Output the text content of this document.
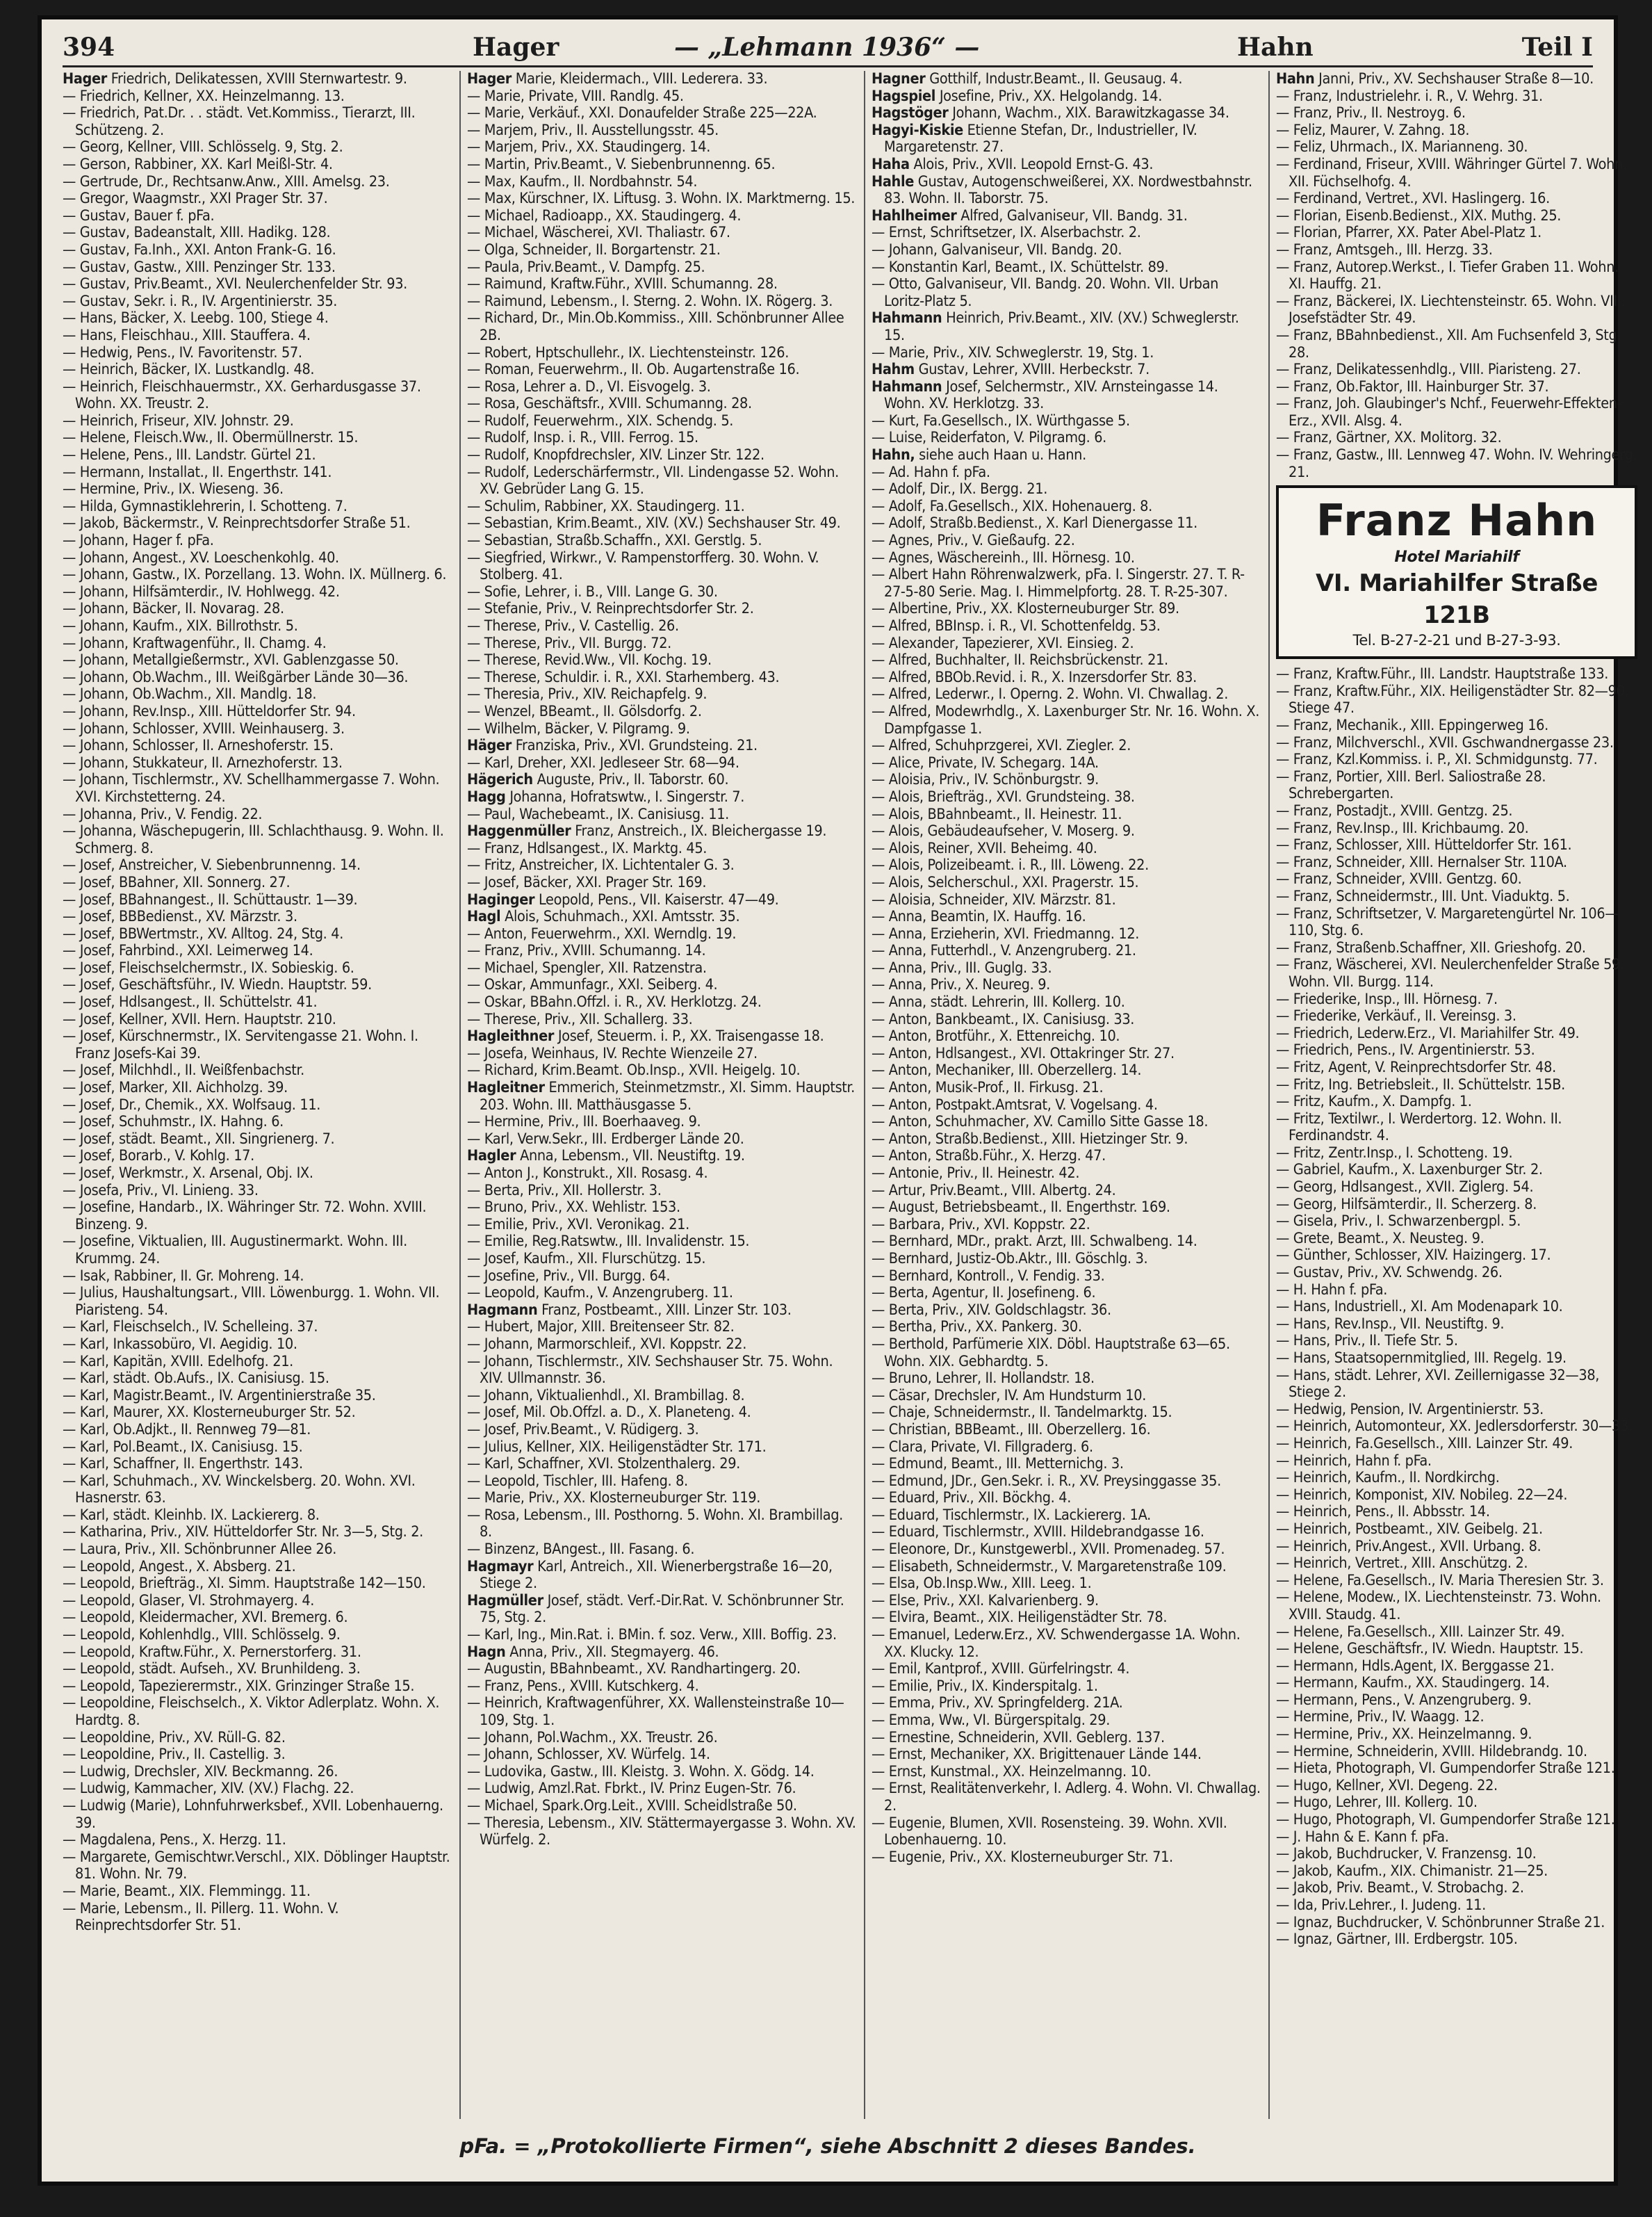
394	Hager	— „Lehmann 1936“ —	Hahn	Teil I

Hager Friedrich, Delikatessen, XVIII Sternwartestr. 9.

— Friedrich, Kellner, XX. Heinzelmanng. 13.

— Friedrich, Pat.Dr. . . städt. Vet.Kommiss., Tierarzt, III. Schützeng. 2.

— Georg, Kellner, VIII. Schlösselg. 9, Stg. 2.

— Gerson, Rabbiner, XX. Karl Meißl-Str. 4.

— Gertrude, Dr., Rechtsanw.Anw., XIII. Amelsg. 23.

— Gregor, Waagmstr., XXI Prager Str. 37.

— Gustav, Bauer f. pFa.

— Gustav, Badeanstalt, XIII. Hadikg. 128.

— Gustav, Fa.Inh., XXI. Anton Frank-G. 16.

— Gustav, Gastw., XIII. Penzinger Str. 133.

— Gustav, Priv.Beamt., XVI. Neulerchenfelder Str. 93.

— Gustav, Sekr. i. R., IV. Argentinierstr. 35.

— Hans, Bäcker, X. Leebg. 100, Stiege 4.

— Hans, Fleischhau., XIII. Stauffera. 4.

— Hedwig, Pens., IV. Favoritenstr. 57.

— Heinrich, Bäcker, IX. Lustkandlg. 48.

— Heinrich, Fleischhauermstr., XX. Gerhardusgasse 37. Wohn. XX. Treustr. 2.

— Heinrich, Friseur, XIV. Johnstr. 29.

— Helene, Fleisch.Ww., II. Obermüllnerstr. 15.

— Helene, Pens., III. Landstr. Gürtel 21.

— Hermann, Installat., II. Engerthstr. 141.

— Hermine, Priv., IX. Wieseng. 36.

— Hilda, Gymnastiklehrerin, I. Schotteng. 7.

— Jakob, Bäckermstr., V. Reinprechtsdorfer Straße 51.

— Johann, Hager f. pFa.

— Johann, Angest., XV. Loeschenkohlg. 40.

— Johann, Gastw., IX. Porzellang. 13. Wohn. IX. Müllnerg. 6.

— Johann, Hilfsämterdir., IV. Hohlwegg. 42.

— Johann, Bäcker, II. Novarag. 28.

— Johann, Kaufm., XIX. Billrothstr. 5.

— Johann, Kraftwagenführ., II. Chamg. 4.

— Johann, Metallgießermstr., XVI. Gablenzgasse 50.

— Johann, Ob.Wachm., III. Weißgärber Lände 30—36.

— Johann, Ob.Wachm., XII. Mandlg. 18.

— Johann, Rev.Insp., XIII. Hütteldorfer Str. 94.

— Johann, Schlosser, XVIII. Weinhauserg. 3.

— Johann, Schlosser, II. Arneshoferstr. 15.

— Johann, Stukkateur, II. Arnezhoferstr. 13.

— Johann, Tischlermstr., XV. Schellhammergasse 7. Wohn. XVI. Kirchstetterng. 24.

— Johanna, Priv., V. Fendig. 22.

— Johanna, Wäschepugerin, III. Schlachthausg. 9. Wohn. II. Schmerg. 8.

— Josef, Anstreicher, V. Siebenbrunnenng. 14.

— Josef, BBahner, XII. Sonnerg. 27.

— Josef, BBahnangest., II. Schüttaustr. 1—39.

— Josef, BBBedienst., XV. Märzstr. 3.

— Josef, BBWertmstr., XV. Alltog. 24, Stg. 4.

— Josef, Fahrbind., XXI. Leimerweg 14.

— Josef, Fleischselchermstr., IX. Sobieskig. 6.

— Josef, Geschäftsführ., IV. Wiedn. Hauptstr. 59.

— Josef, Hdlsangest., II. Schüttelstr. 41.

— Josef, Kellner, XVII. Hern. Hauptstr. 210.

— Josef, Kürschnermstr., IX. Servitengasse 21. Wohn. I. Franz Josefs-Kai 39.

— Josef, Milchhdl., II. Weißfenbachstr.

— Josef, Marker, XII. Aichholzg. 39.

— Josef, Dr., Chemik., XX. Wolfsaug. 11.

— Josef, Schuhmstr., IX. Hahng. 6.

— Josef, städt. Beamt., XII. Singrienerg. 7.

— Josef, Borarb., V. Kohlg. 17.

— Josef, Werkmstr., X. Arsenal, Obj. IX.

— Josefa, Priv., VI. Linieng. 33.

— Josefine, Handarb., IX. Währinger Str. 72. Wohn. XVIII. Binzeng. 9.

— Josefine, Viktualien, III. Augustinermarkt. Wohn. III. Krummg. 24.

— Isak, Rabbiner, II. Gr. Mohreng. 14.

— Julius, Haushaltungsart., VIII. Löwenburgg. 1. Wohn. VII. Piaristeng. 54.

— Karl, Fleischselch., IV. Schelleing. 37.

— Karl, Inkassobüro, VI. Aegidig. 10.

— Karl, Kapitän, XVIII. Edelhofg. 21.

— Karl, städt. Ob.Aufs., IX. Canisiusg. 15.

— Karl, Magistr.Beamt., IV. Argentinierstraße 35.

— Karl, Maurer, XX. Klosterneuburger Str. 52.

— Karl, Ob.Adjkt., II. Rennweg 79—81.

— Karl, Pol.Beamt., IX. Canisiusg. 15.

— Karl, Schaffner, II. Engerthstr. 143.

— Karl, Schuhmach., XV. Winckelsberg. 20. Wohn. XVI. Hasnerstr. 63.

— Karl, städt. Kleinhb. IX. Lackiererg. 8.

— Katharina, Priv., XIV. Hütteldorfer Str. Nr. 3—5, Stg. 2.

— Laura, Priv., XII. Schönbrunner Allee 26.

— Leopold, Angest., X. Absberg. 21.

— Leopold, Briefträg., XI. Simm. Hauptstraße 142—150.

— Leopold, Glaser, VI. Strohmayerg. 4.

— Leopold, Kleidermacher, XVI. Bremerg. 6.

— Leopold, Kohlenhdlg., VIII. Schlösselg. 9.

— Leopold, Kraftw.Führ., X. Pernerstorferg. 31.

— Leopold, städt. Aufseh., XV. Brunhildeng. 3.

— Leopold, Tapezierermstr., XIX. Grinzinger Straße 15.

— Leopoldine, Fleischselch., X. Viktor Adlerplatz. Wohn. X. Hardtg. 8.

— Leopoldine, Priv., XV. Rüll-G. 82.

— Leopoldine, Priv., II. Castellig. 3.

— Ludwig, Drechsler, XIV. Beckmanng. 26.

— Ludwig, Kammacher, XIV. (XV.) Flachg. 22.

— Ludwig (Marie), Lohnfuhrwerksbef., XVII. Lobenhauerng. 39.

— Magdalena, Pens., X. Herzg. 11.

— Margarete, Gemischtwr.Verschl., XIX. Döblinger Hauptstr. 81. Wohn. Nr. 79.

— Marie, Beamt., XIX. Flemmingg. 11.

— Marie, Lebensm., II. Pillerg. 11. Wohn. V. Reinprechtsdorfer Str. 51.

Hager Marie, Kleidermach., VIII. Lederera. 33.

— Marie, Private, VIII. Randlg. 45.

— Marie, Verkäuf., XXI. Donaufelder Straße 225—22A.

— Marjem, Priv., II. Ausstellungsstr. 45.

— Marjem, Priv., XX. Staudingerg. 14.

— Martin, Priv.Beamt., V. Siebenbrunnenng. 65.

— Max, Kaufm., II. Nordbahnstr. 54.

— Max, Kürschner, IX. Liftusg. 3. Wohn. IX. Marktmerng. 15.

— Michael, Radioapp., XX. Staudingerg. 4.

— Michael, Wäscherei, XVI. Thaliastr. 67.

— Olga, Schneider, II. Borgartenstr. 21.

— Paula, Priv.Beamt., V. Dampfg. 25.

— Raimund, Kraftw.Führ., XVIII. Schumanng. 28.

— Raimund, Lebensm., I. Sterng. 2. Wohn. IX. Rögerg. 3.

— Richard, Dr., Min.Ob.Kommiss., XIII. Schönbrunner Allee 2B.

— Robert, Hptschullehr., IX. Liechtensteinstr. 126.

— Roman, Feuerwehrm., II. Ob. Augartenstraße 16.

— Rosa, Lehrer a. D., VI. Eisvogelg. 3.

— Rosa, Geschäftsfr., XVIII. Schumanng. 28.

— Rudolf, Feuerwehrm., XIX. Schendg. 5.

— Rudolf, Insp. i. R., VIII. Ferrog. 15.

— Rudolf, Knopfdrechsler, XIV. Linzer Str. 122.

— Rudolf, Lederschärfermstr., VII. Lindengasse 52. Wohn. XV. Gebrüder Lang G. 15.

— Schulim, Rabbiner, XX. Staudingerg. 11.

— Sebastian, Krim.Beamt., XIV. (XV.) Sechshauser Str. 49.

— Sebastian, Straßb.Schaffn., XXI. Gerstlg. 5.

— Siegfried, Wirkwr., V. Rampenstorfferg. 30. Wohn. V. Stolberg. 41.

— Sofie, Lehrer, i. B., VIII. Lange G. 30.

— Stefanie, Priv., V. Reinprechtsdorfer Str. 2.

— Therese, Priv., V. Castellig. 26.

— Therese, Priv., VII. Burgg. 72.

— Therese, Revid.Ww., VII. Kochg. 19.

— Therese, Schuldir. i. R., XXI. Starhemberg. 43.

— Theresia, Priv., XIV. Reichapfelg. 9.

— Wenzel, BBeamt., II. Gölsdorfg. 2.

— Wilhelm, Bäcker, V. Pilgramg. 9.

Häger Franziska, Priv., XVI. Grundsteing. 21.

— Karl, Dreher, XXI. Jedleseer Str. 68—94.

Hägerich Auguste, Priv., II. Taborstr. 60.

Hagg Johanna, Hofratswtw., I. Singerstr. 7.

— Paul, Wachebeamt., IX. Canisiusg. 11.

Haggenmüller Franz, Anstreich., IX. Bleichergasse 19.

— Franz, Hdlsangest., IX. Marktg. 45.

— Fritz, Anstreicher, IX. Lichtentaler G. 3.

— Josef, Bäcker, XXI. Prager Str. 169.

Haginger Leopold, Pens., VII. Kaiserstr. 47—49.

Hagl Alois, Schuhmach., XXI. Amtsstr. 35.

— Anton, Feuerwehrm., XXI. Werndlg. 19.

— Franz, Priv., XVIII. Schumanng. 14.

— Michael, Spengler, XII. Ratzenstra.

— Oskar, Ammunfagr., XXI. Seiberg. 4.

— Oskar, BBahn.Offzl. i. R., XV. Herklotzg. 24.

— Therese, Priv., XII. Schallerg. 33.

Hagleithner Josef, Steuerm. i. P., XX. Traisengasse 18.

— Josefa, Weinhaus, IV. Rechte Wienzeile 27.

— Richard, Krim.Beamt. Ob.Insp., XVII. Heigelg. 10.

Hagleitner Emmerich, Steinmetzmstr., XI. Simm. Hauptstr. 203. Wohn. III. Matthäusgasse 5.

— Hermine, Priv., III. Boerhaaveg. 9.

— Karl, Verw.Sekr., III. Erdberger Lände 20.

Hagler Anna, Lebensm., VII. Neustiftg. 19.

— Anton J., Konstrukt., XII. Rosasg. 4.

— Berta, Priv., XII. Hollerstr. 3.

— Bruno, Priv., XX. Wehlistr. 153.

— Emilie, Priv., XVI. Veronikag. 21.

— Emilie, Reg.Ratswtw., III. Invalidenstr. 15.

— Josef, Kaufm., XII. Flurschützg. 15.

— Josefine, Priv., VII. Burgg. 64.

— Leopold, Kaufm., V. Anzengruberg. 11.

Hagmann Franz, Postbeamt., XIII. Linzer Str. 103.

— Hubert, Major, XIII. Breitenseer Str. 82.

— Johann, Marmorschleif., XVI. Koppstr. 22.

— Johann, Tischlermstr., XIV. Sechshauser Str. 75. Wohn. XIV. Ullmannstr. 36.

— Johann, Viktualienhdl., XI. Brambillag. 8.

— Josef, Mil. Ob.Offzl. a. D., X. Planeteng. 4.

— Josef, Priv.Beamt., V. Rüdigerg. 3.

— Julius, Kellner, XIX. Heiligenstädter Str. 171.

— Karl, Schaffner, XVI. Stolzenthalerg. 29.

— Leopold, Tischler, III. Hafeng. 8.

— Marie, Priv., XX. Klosterneuburger Str. 119.

— Rosa, Lebensm., III. Posthorng. 5. Wohn. XI. Brambillag. 8.

— Binzenz, BAngest., III. Fasang. 6.

Hagmayr Karl, Antreich., XII. Wienerbergstraße 16—20, Stiege 2.

Hagmüller Josef, städt. Verf.-Dir.Rat. V. Schönbrunner Str. 75, Stg. 2.

— Karl, Ing., Min.Rat. i. BMin. f. soz. Verw., XIII. Boffig. 23.

Hagn Anna, Priv., XII. Stegmayerg. 46.

— Augustin, BBahnbeamt., XV. Randhartingerg. 20.

— Franz, Pens., XVIII. Kutschkerg. 4.

— Heinrich, Kraftwagenführer, XX. Wallensteinstraße 10—109, Stg. 1.

— Johann, Pol.Wachm., XX. Treustr. 26.

— Johann, Schlosser, XV. Würfelg. 14.

— Ludovika, Gastw., III. Kleistg. 3. Wohn. X. Gödg. 14.

— Ludwig, Amzl.Rat. Fbrkt., IV. Prinz Eugen-Str. 76.

— Michael, Spark.Org.Leit., XVIII. Scheidlstraße 50.

— Theresia, Lebensm., XIV. Stättermayergasse 3. Wohn. XV. Würfelg. 2.

Hagner Gotthilf, Industr.Beamt., II. Geusaug. 4.

Hagspiel Josefine, Priv., XX. Helgolandg. 14.

Hagstöger Johann, Wachm., XIX. Barawitzkagasse 34.

Hagyi-Kiskie Etienne Stefan, Dr., Industrieller, IV. Margaretenstr. 27.

Haha Alois, Priv., XVII. Leopold Ernst-G. 43.

Hahle Gustav, Autogenschweißerei, XX. Nordwestbahnstr. 83. Wohn. II. Taborstr. 75.

Hahlheimer Alfred, Galvaniseur, VII. Bandg. 31.

— Ernst, Schriftsetzer, IX. Alserbachstr. 2.

— Johann, Galvaniseur, VII. Bandg. 20.

— Konstantin Karl, Beamt., IX. Schüttelstr. 89.

— Otto, Galvaniseur, VII. Bandg. 20. Wohn. VII. Urban Loritz-Platz 5.

Hahmann Heinrich, Priv.Beamt., XIV. (XV.) Schweglerstr. 15.

— Marie, Priv., XIV. Schweglerstr. 19, Stg. 1.

Hahm Gustav, Lehrer, XVIII. Herbeckstr. 7.

Hahmann Josef, Selchermstr., XIV. Arnsteingasse 14. Wohn. XV. Herklotzg. 33.

— Kurt, Fa.Gesellsch., IX. Würthgasse 5.

— Luise, Reiderfaton, V. Pilgramg. 6.

Hahn, siehe auch Haan u. Hann.

— Ad. Hahn f. pFa.

— Adolf, Dir., IX. Bergg. 21.

— Adolf, Fa.Gesellsch., XIX. Hohenauerg. 8.

— Adolf, Straßb.Bedienst., X. Karl Dienergasse 11.

— Agnes, Priv., V. Gießaufg. 22.

— Agnes, Wäschereinh., III. Hörnesg. 10.

— Albert Hahn Röhrenwalzwerk, pFa. I. Singerstr. 27. T. R-27-5-80 Serie. Mag. I. Himmelpfortg. 28. T. R-25-307.

— Albertine, Priv., XX. Klosterneuburger Str. 89.

— Alfred, BBInsp. i. R., VI. Schottenfeldg. 53.

— Alexander, Tapezierer, XVI. Einsieg. 2.

— Alfred, Buchhalter, II. Reichsbrückenstr. 21.

— Alfred, BBOb.Revid. i. R., X. Inzersdorfer Str. 83.

— Alfred, Lederwr., I. Operng. 2. Wohn. VI. Chwallag. 2.

— Alfred, Modewrhdlg., X. Laxenburger Str. Nr. 16. Wohn. X. Dampfgasse 1.

— Alfred, Schuhprzgerei, XVI. Ziegler. 2.

— Alice, Private, IV. Schegarg. 14A.

— Aloisia, Priv., IV. Schönburgstr. 9.

— Alois, Briefträg., XVI. Grundsteing. 38.

— Alois, BBahnbeamt., II. Heinestr. 11.

— Alois, Gebäudeaufseher, V. Moserg. 9.

— Alois, Reiner, XVII. Beheimg. 40.

— Alois, Polizeibeamt. i. R., III. Löweng. 22.

— Alois, Selcherschul., XXI. Pragerstr. 15.

— Aloisia, Schneider, XIV. Märzstr. 81.

— Anna, Beamtin, IX. Hauffg. 16.

— Anna, Erzieherin, XVI. Friedmanng. 12.

— Anna, Futterhdl., V. Anzengruberg. 21.

— Anna, Priv., III. Guglg. 33.

— Anna, Priv., X. Neureg. 9.

— Anna, städt. Lehrerin, III. Kollerg. 10.

— Anton, Bankbeamt., IX. Canisiusg. 33.

— Anton, Brotführ., X. Ettenreichg. 10.

— Anton, Hdlsangest., XVI. Ottakringer Str. 27.

— Anton, Mechaniker, III. Oberzellerg. 14.

— Anton, Musik-Prof., II. Firkusg. 21.

— Anton, Postpakt.Amtsrat, V. Vogelsang. 4.

— Anton, Schuhmacher, XV. Camillo Sitte Gasse 18.

— Anton, Straßb.Bedienst., XIII. Hietzinger Str. 9.

— Anton, Straßb.Führ., X. Herzg. 47.

— Antonie, Priv., II. Heinestr. 42.

— Artur, Priv.Beamt., VIII. Albertg. 24.

— August, Betriebsbeamt., II. Engerthstr. 169.

— Barbara, Priv., XVI. Koppstr. 22.

— Bernhard, MDr., prakt. Arzt, III. Schwalbeng. 14.

— Bernhard, Justiz-Ob.Aktr., III. Göschlg. 3.

— Bernhard, Kontroll., V. Fendig. 33.

— Berta, Agentur, II. Josefineng. 6.

— Berta, Priv., XIV. Goldschlagstr. 36.

— Bertha, Priv., XX. Pankerg. 30.

— Berthold, Parfümerie XIX. Döbl. Hauptstraße 63—65. Wohn. XIX. Gebhardtg. 5.

— Bruno, Lehrer, II. Hollandstr. 18.

— Cäsar, Drechsler, IV. Am Hundsturm 10.

— Chaje, Schneidermstr., II. Tandelmarktg. 15.

— Christian, BBBeamt., III. Oberzellerg. 16.

— Clara, Private, VI. Fillgraderg. 6.

— Edmund, Beamt., III. Metternichg. 3.

— Edmund, JDr., Gen.Sekr. i. R., XV. Preysinggasse 35.

— Eduard, Priv., XII. Böckhg. 4.

— Eduard, Tischlermstr., IX. Lackiererg. 1A.

— Eduard, Tischlermstr., XVIII. Hildebrandgasse 16.

— Eleonore, Dr., Kunstgewerbl., XVII. Promenadeg. 57.

— Elisabeth, Schneidermstr., V. Margaretenstraße 109.

— Elsa, Ob.Insp.Ww., XIII. Leeg. 1.

— Else, Priv., XXI. Kalvarienberg. 9.

— Elvira, Beamt., XIX. Heiligenstädter Str. 78.

— Emanuel, Lederw.Erz., XV. Schwendergasse 1A. Wohn. XX. Klucky. 12.

— Emil, Kantprof., XVIII. Gürfelringstr. 4.

— Emilie, Priv., IX. Kinderspitalg. 1.

— Emma, Priv., XV. Springfelderg. 21A.

— Emma, Ww., VI. Bürgerspitalg. 29.

— Ernestine, Schneiderin, XVII. Geblerg. 137.

— Ernst, Mechaniker, XX. Brigittenauer Lände 144.

— Ernst, Kunstmal., XX. Heinzelmanng. 10.

— Ernst, Realitätenverkehr, I. Adlerg. 4. Wohn. VI. Chwallag. 2.

— Eugenie, Blumen, XVII. Rosensteing. 39. Wohn. XVII. Lobenhauerng. 10.

— Eugenie, Priv., XX. Klosterneuburger Str. 71.

Hahn Janni, Priv., XV. Sechshauser Straße 8—10.

— Franz, Industrielehr. i. R., V. Wehrg. 31.

— Franz, Priv., II. Nestroyg. 6.

— Feliz, Maurer, V. Zahng. 18.

— Feliz, Uhrmach., IX. Marianneng. 30.

— Ferdinand, Friseur, XVIII. Währinger Gürtel 7. Wohn. XII. Füchselhofg. 4.

— Ferdinand, Vertret., XVI. Haslingerg. 16.

— Florian, Eisenb.Bedienst., XIX. Muthg. 25.

— Florian, Pfarrer, XX. Pater Abel-Platz 1.

— Franz, Amtsgeh., III. Herzg. 33.

— Franz, Autorep.Werkst., I. Tiefer Graben 11. Wohn. XI. Hauffg. 21.

— Franz, Bäckerei, IX. Liechtensteinstr. 65. Wohn. VIII. Josefstädter Str. 49.

— Franz, BBahnbedienst., XII. Am Fuchsenfeld 3, Stg. 28.

— Franz, Delikatessenhdlg., VIII. Piaristeng. 27.

— Franz, Ob.Faktor, III. Hainburger Str. 37.

— Franz, Joh. Glaubinger's Nchf., Feuerwehr-Effekten-Erz., XVII. Alsg. 4.

— Franz, Gärtner, XX. Molitorg. 32.

— Franz, Gastw., III. Lennweg 47. Wohn. IV. Wehringerg. 21.

Franz Hahn
Hotel Mariahilf
VI. Mariahilfer Straße 121B
Tel. B-27-2-21 und B-27-3-93.

— Franz, Kraftw.Führ., III. Landstr. Hauptstraße 133.

— Franz, Kraftw.Führ., XIX. Heiligenstädter Str. 82—90, Stiege 47.

— Franz, Mechanik., XIII. Eppingerweg 16.

— Franz, Milchverschl., XVII. Gschwandnergasse 23.

— Franz, Kzl.Kommiss. i. P., XI. Schmidgunstg. 77.

— Franz, Portier, XIII. Berl. Saliostraße 28. Schrebergarten.

— Franz, Postadjt., XVIII. Gentzg. 25.

— Franz, Rev.Insp., III. Krichbaumg. 20.

— Franz, Schlosser, XIII. Hütteldorfer Str. 161.

— Franz, Schneider, XIII. Hernalser Str. 110A.

— Franz, Schneider, XVIII. Gentzg. 60.

— Franz, Schneidermstr., III. Unt. Viaduktg. 5.

— Franz, Schriftsetzer, V. Margaretengürtel Nr. 106—110, Stg. 6.

— Franz, Straßenb.Schaffner, XII. Grieshofg. 20.

— Franz, Wäscherei, XVI. Neulerchenfelder Straße 59. Wohn. VII. Burgg. 114.

— Friederike, Insp., III. Hörnesg. 7.

— Friederike, Verkäuf., II. Vereinsg. 3.

— Friedrich, Lederw.Erz., VI. Mariahilfer Str. 49.

— Friedrich, Pens., IV. Argentinierstr. 53.

— Fritz, Agent, V. Reinprechtsdorfer Str. 48.

— Fritz, Ing. Betriebsleit., II. Schüttelstr. 15B.

— Fritz, Kaufm., X. Dampfg. 1.

— Fritz, Textilwr., I. Werdertorg. 12. Wohn. II. Ferdinandstr. 4.

— Fritz, Zentr.Insp., I. Schotteng. 19.

— Gabriel, Kaufm., X. Laxenburger Str. 2.

— Georg, Hdlsangest., XVII. Ziglerg. 54.

— Georg, Hilfsämterdir., II. Scherzerg. 8.

— Gisela, Priv., I. Schwarzenbergpl. 5.

— Grete, Beamt., X. Neusteg. 9.

— Günther, Schlosser, XIV. Haizingerg. 17.

— Gustav, Priv., XV. Schwendg. 26.

— H. Hahn f. pFa.

— Hans, Industriell., XI. Am Modenapark 10.

— Hans, Rev.Insp., VII. Neustiftg. 9.

— Hans, Priv., II. Tiefe Str. 5.

— Hans, Staatsopernmitglied, III. Regelg. 19.

— Hans, städt. Lehrer, XVI. Zeillernigasse 32—38, Stiege 2.

— Hedwig, Pension, IV. Argentinierstr. 53.

— Heinrich, Automonteur, XX. Jedlersdorferstr. 30—33.

— Heinrich, Fa.Gesellsch., XIII. Lainzer Str. 49.

— Heinrich, Hahn f. pFa.

— Heinrich, Kaufm., II. Nordkirchg.

— Heinrich, Komponist, XIV. Nobileg. 22—24.

— Heinrich, Pens., II. Abbsstr. 14.

— Heinrich, Postbeamt., XIV. Geibelg. 21.

— Heinrich, Priv.Angest., XVII. Urbang. 8.

— Heinrich, Vertret., XIII. Anschützg. 2.

— Helene, Fa.Gesellsch., IV. Maria Theresien Str. 3.

— Helene, Modew., IX. Liechtensteinstr. 73. Wohn. XVIII. Staudg. 41.

— Helene, Fa.Gesellsch., XIII. Lainzer Str. 49.

— Helene, Geschäftsfr., IV. Wiedn. Hauptstr. 15.

— Hermann, Hdls.Agent, IX. Berggasse 21.

— Hermann, Kaufm., XX. Staudingerg. 14.

— Hermann, Pens., V. Anzengruberg. 9.

— Hermine, Priv., IV. Waagg. 12.

— Hermine, Priv., XX. Heinzelmanng. 9.

— Hermine, Schneiderin, XVIII. Hildebrandg. 10.

— Hieta, Photograph, VI. Gumpendorfer Straße 121.

— Hugo, Kellner, XVI. Degeng. 22.

— Hugo, Lehrer, III. Kollerg. 10.

— Hugo, Photograph, VI. Gumpendorfer Straße 121.

— J. Hahn & E. Kann f. pFa.

— Jakob, Buchdrucker, V. Franzensg. 10.

— Jakob, Kaufm., XIX. Chimanistr. 21—25.

— Jakob, Priv. Beamt., V. Strobachg. 2.

— Ida, Priv.Lehrer., I. Judeng. 11.

— Ignaz, Buchdrucker, V. Schönbrunner Straße 21.

— Ignaz, Gärtner, III. Erdbergstr. 105.

pFa. = „Protokollierte Firmen“, siehe Abschnitt 2 dieses Bandes.
